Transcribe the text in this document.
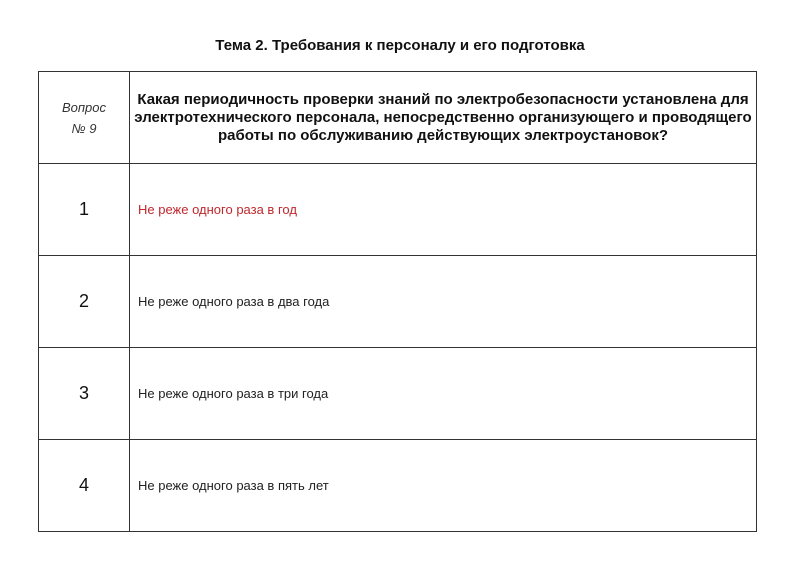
Тема 2. Требования к персоналу и его подготовка
Вопрос
№ 9	Какая периодичность проверки знаний по электробезопасности установлена для электротехнического персонала, непосредственно организующего и проводящего работы по обслуживанию действующих электроустановок?
1	Не реже одного раза в год
2	Не реже одного раза в два года
3	Не реже одного раза в три года
4	Не реже одного раза в пять лет
